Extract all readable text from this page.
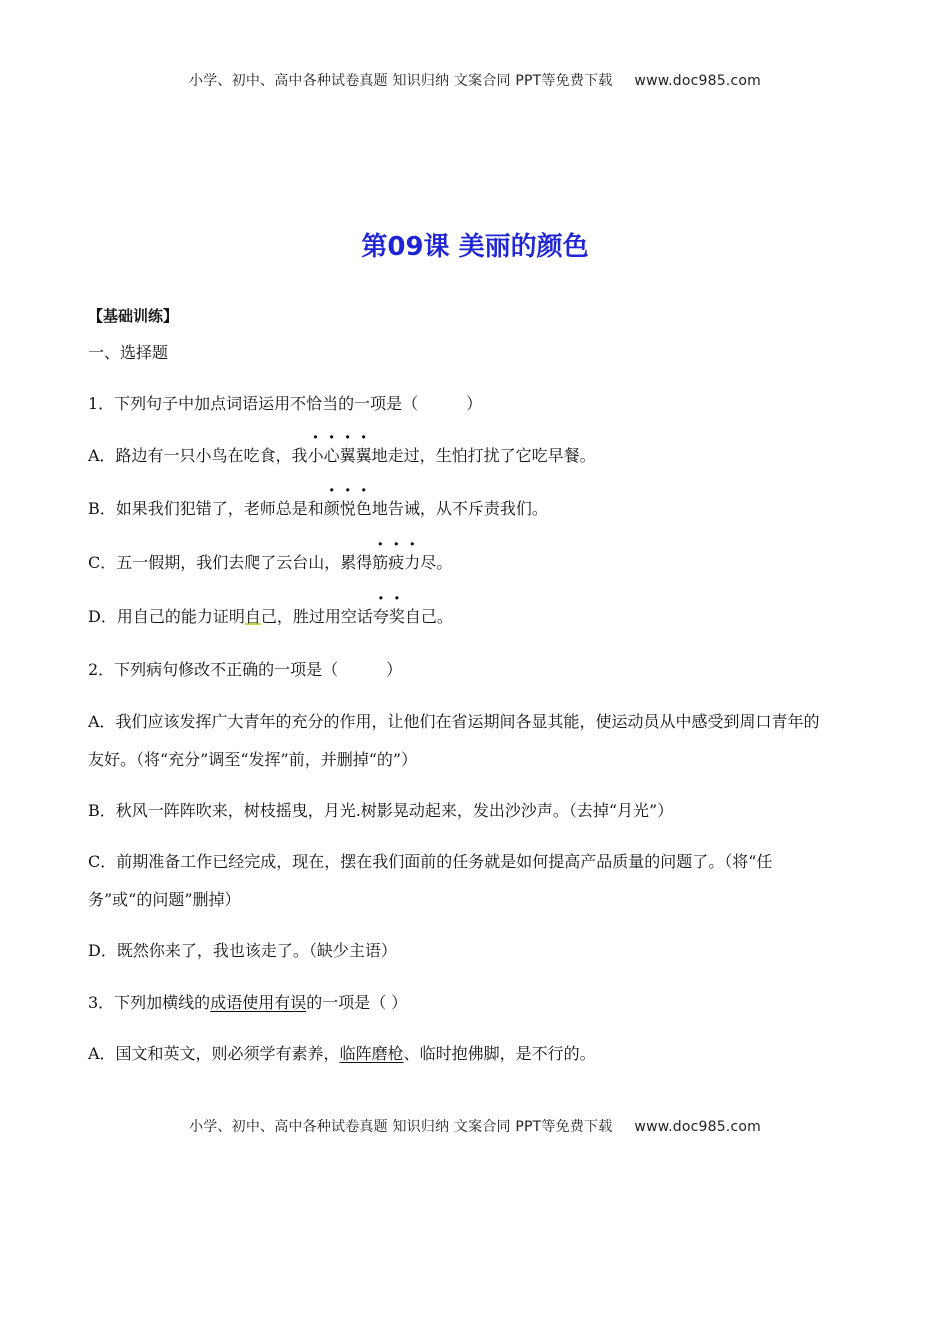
小学、初中、高中各种试卷真题 知识归纳 文案合同 PPT等免费下载 www.doc985.com
第09课 美丽的颜色
【基础训练】
一、选择题
1．下列句子中加点词语运用不恰当的一项是（　　　）
A．路边有一只小鸟在吃食，我小心翼翼地走过，生怕打扰了它吃早餐。
B．如果我们犯错了，老师总是和颜悦色地告诫，从不斥责我们。
C．五一假期，我们去爬了云台山，累得筋疲力尽。
D．用自己的能力证明自己，胜过用空话夸奖自己。
2．下列病句修改不正确的一项是（　　　）
A．我们应该发挥广大青年的充分的作用，让他们在省运期间各显其能，使运动员从中感受到周口青年的
友好。（将“充分”调至“发挥”前，并删掉“的”）
B．秋风一阵阵吹来，树枝摇曳，月光.树影晃动起来，发出沙沙声。（去掉“月光”）
C．前期准备工作已经完成，现在，摆在我们面前的任务就是如何提高产品质量的问题了。（将“任
务”或“的问题”删掉）
D．既然你来了，我也该走了。（缺少主语）
3．下列加横线的成语使用有误的一项是（ ）
A．国文和英文，则必须学有素养，临阵磨枪、临时抱佛脚，是不行的。
小学、初中、高中各种试卷真题 知识归纳 文案合同 PPT等免费下载 www.doc985.com
